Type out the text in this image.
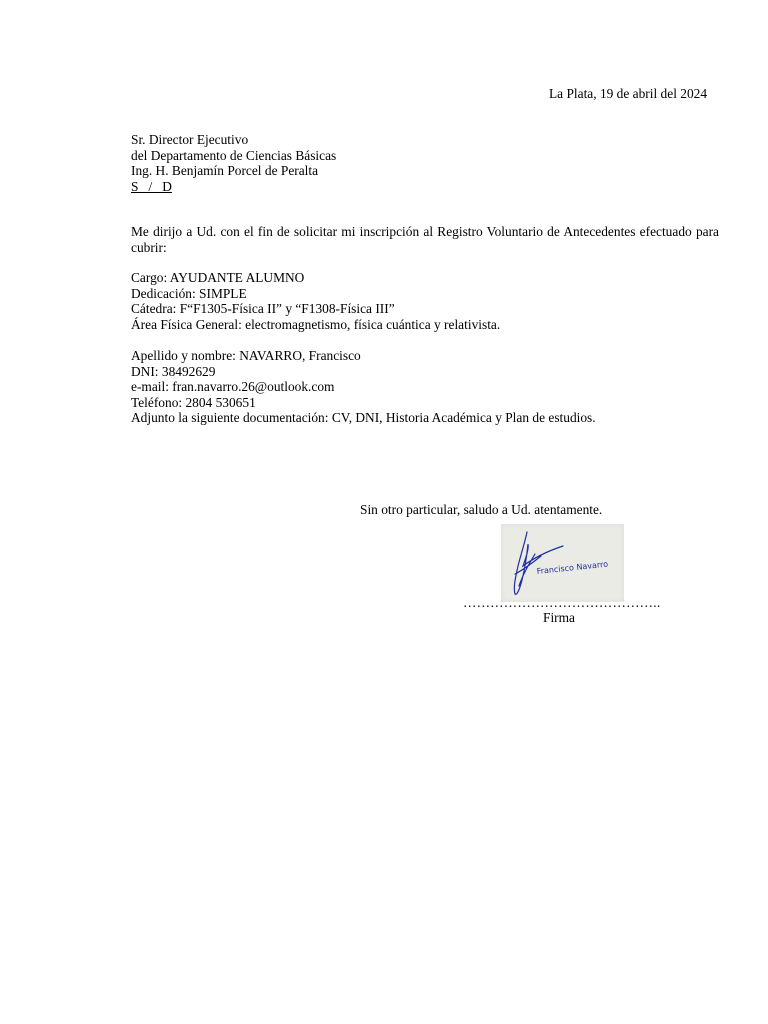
La Plata, 19 de abril del 2024
Sr. Director Ejecutivo
del Departamento de Ciencias Básicas
Ing. H. Benjamín Porcel de Peralta
S   /   D
Me dirijo a Ud. con el fin de solicitar mi inscripción al Registro Voluntario de Antecedentes efectuado para cubrir:
Cargo: AYUDANTE ALUMNO
Dedicación: SIMPLE
Cátedra: F“F1305-Física II” y “F1308-Física III”
Área Física General: electromagnetismo, física cuántica y relativista.
Apellido y nombre: NAVARRO, Francisco
DNI: 38492629
e-mail: fran.navarro.26@outlook.com
Teléfono: 2804 530651
Adjunto la siguiente documentación: CV, DNI, Historia Académica y Plan de estudios.
Sin otro particular, saludo a Ud. atentamente.
Francisco Navarro
……………………………………..
Firma
